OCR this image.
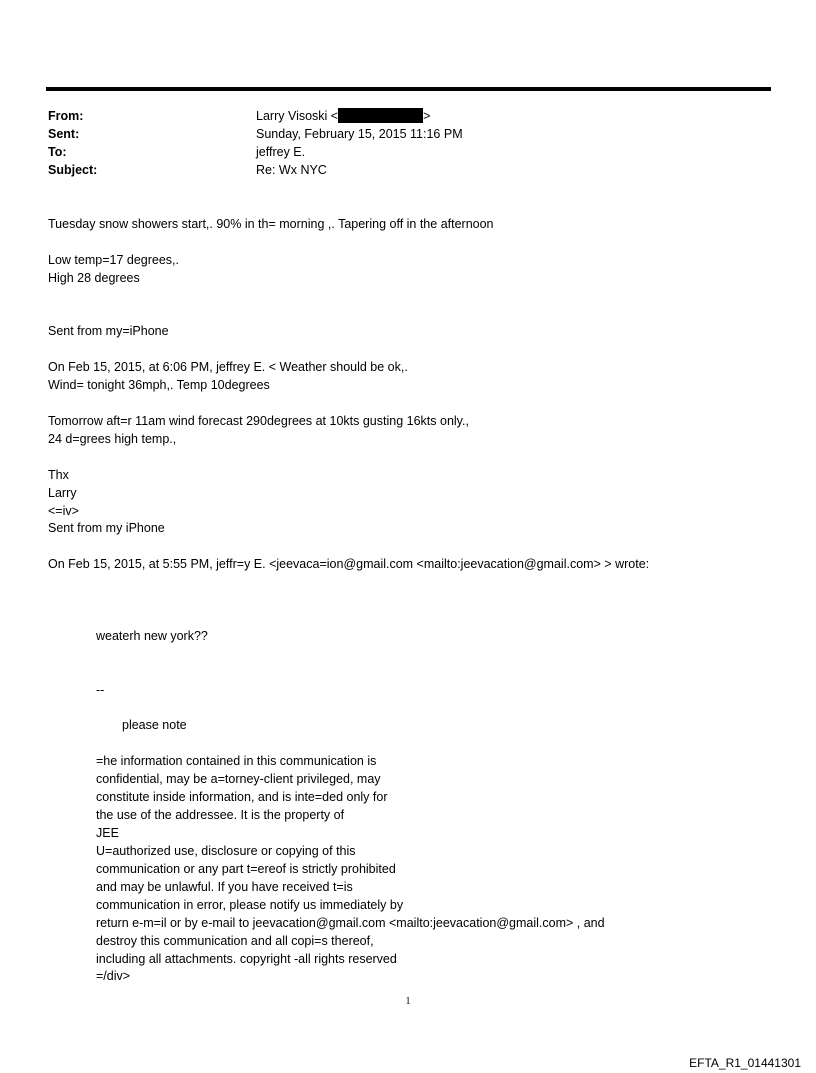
From:	Larry Visoski <	>
Sent:	Sunday, February 15, 2015 11:16 PM
To:	jeffrey E.
Subject:	Re: Wx NYC
Tuesday snow showers start,. 90% in th= morning ,. Tapering off in the afternoon
Low temp=17 degrees,.
High 28 degrees
Sent from my=iPhone
On Feb 15, 2015, at 6:06 PM, jeffrey E. < Weather should be ok,.
Wind= tonight 36mph,. Temp 10degrees
Tomorrow aft=r 11am wind forecast 290degrees at 10kts gusting 16kts only.,
24 d=grees high temp.,
Thx
Larry
<=iv>
Sent from my iPhone
On Feb 15, 2015, at 5:55 PM, jeffr=y E. <jeevaca=ion@gmail.com <mailto:jeevacation@gmail.com> > wrote:
weaterh new york??
--
please note
=he information contained in this communication is
confidential, may be a=torney-client privileged, may
constitute inside information, and is inte=ded only for
the use of the addressee. It is the property of
JEE
U=authorized use, disclosure or copying of this
communication or any part t=ereof is strictly prohibited
and may be unlawful. If you have received t=is
communication in error, please notify us immediately by
return e-m=il or by e-mail to jeevacation@gmail.com <mailto:jeevacation@gmail.com> , and
destroy this communication and all copi=s thereof,
including all attachments. copyright -all rights reserved
=/div>
1
EFTA_R1_01441301
